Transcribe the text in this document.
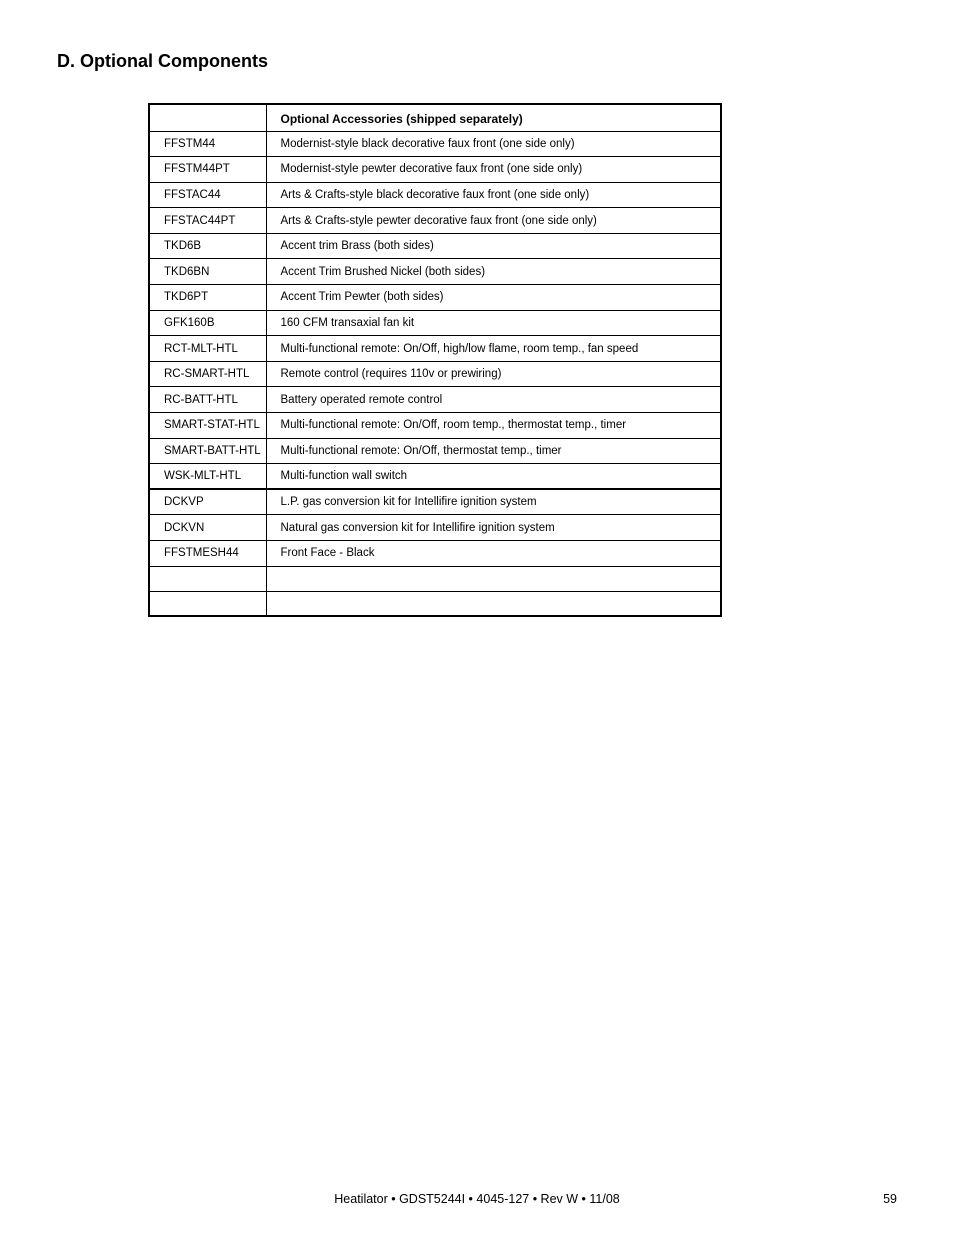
D. Optional Components
	Optional Accessories (shipped separately)
FFSTM44	Modernist-style black decorative faux front (one side only)
FFSTM44PT	Modernist-style pewter decorative faux front (one side only)
FFSTAC44	Arts & Crafts-style black decorative faux front (one side only)
FFSTAC44PT	Arts & Crafts-style pewter decorative faux front (one side only)
TKD6B	Accent trim Brass (both sides)
TKD6BN	Accent Trim Brushed Nickel (both sides)
TKD6PT	Accent Trim Pewter (both sides)
GFK160B	160 CFM transaxial fan kit
RCT-MLT-HTL	Multi-functional remote: On/Off, high/low flame, room temp., fan speed
RC-SMART-HTL	Remote control (requires 110v or prewiring)
RC-BATT-HTL	Battery operated remote control
SMART-STAT-HTL	Multi-functional remote: On/Off, room temp., thermostat temp., timer
SMART-BATT-HTL	Multi-functional remote: On/Off, thermostat temp., timer
WSK-MLT-HTL	Multi-function wall switch
DCKVP	L.P. gas conversion kit for Intellifire ignition system
DCKVN	Natural gas conversion kit for Intellifire ignition system
FFSTMESH44	Front Face - Black

Heatilator • GDST5244I • 4045-127 • Rev W • 11/08	59
